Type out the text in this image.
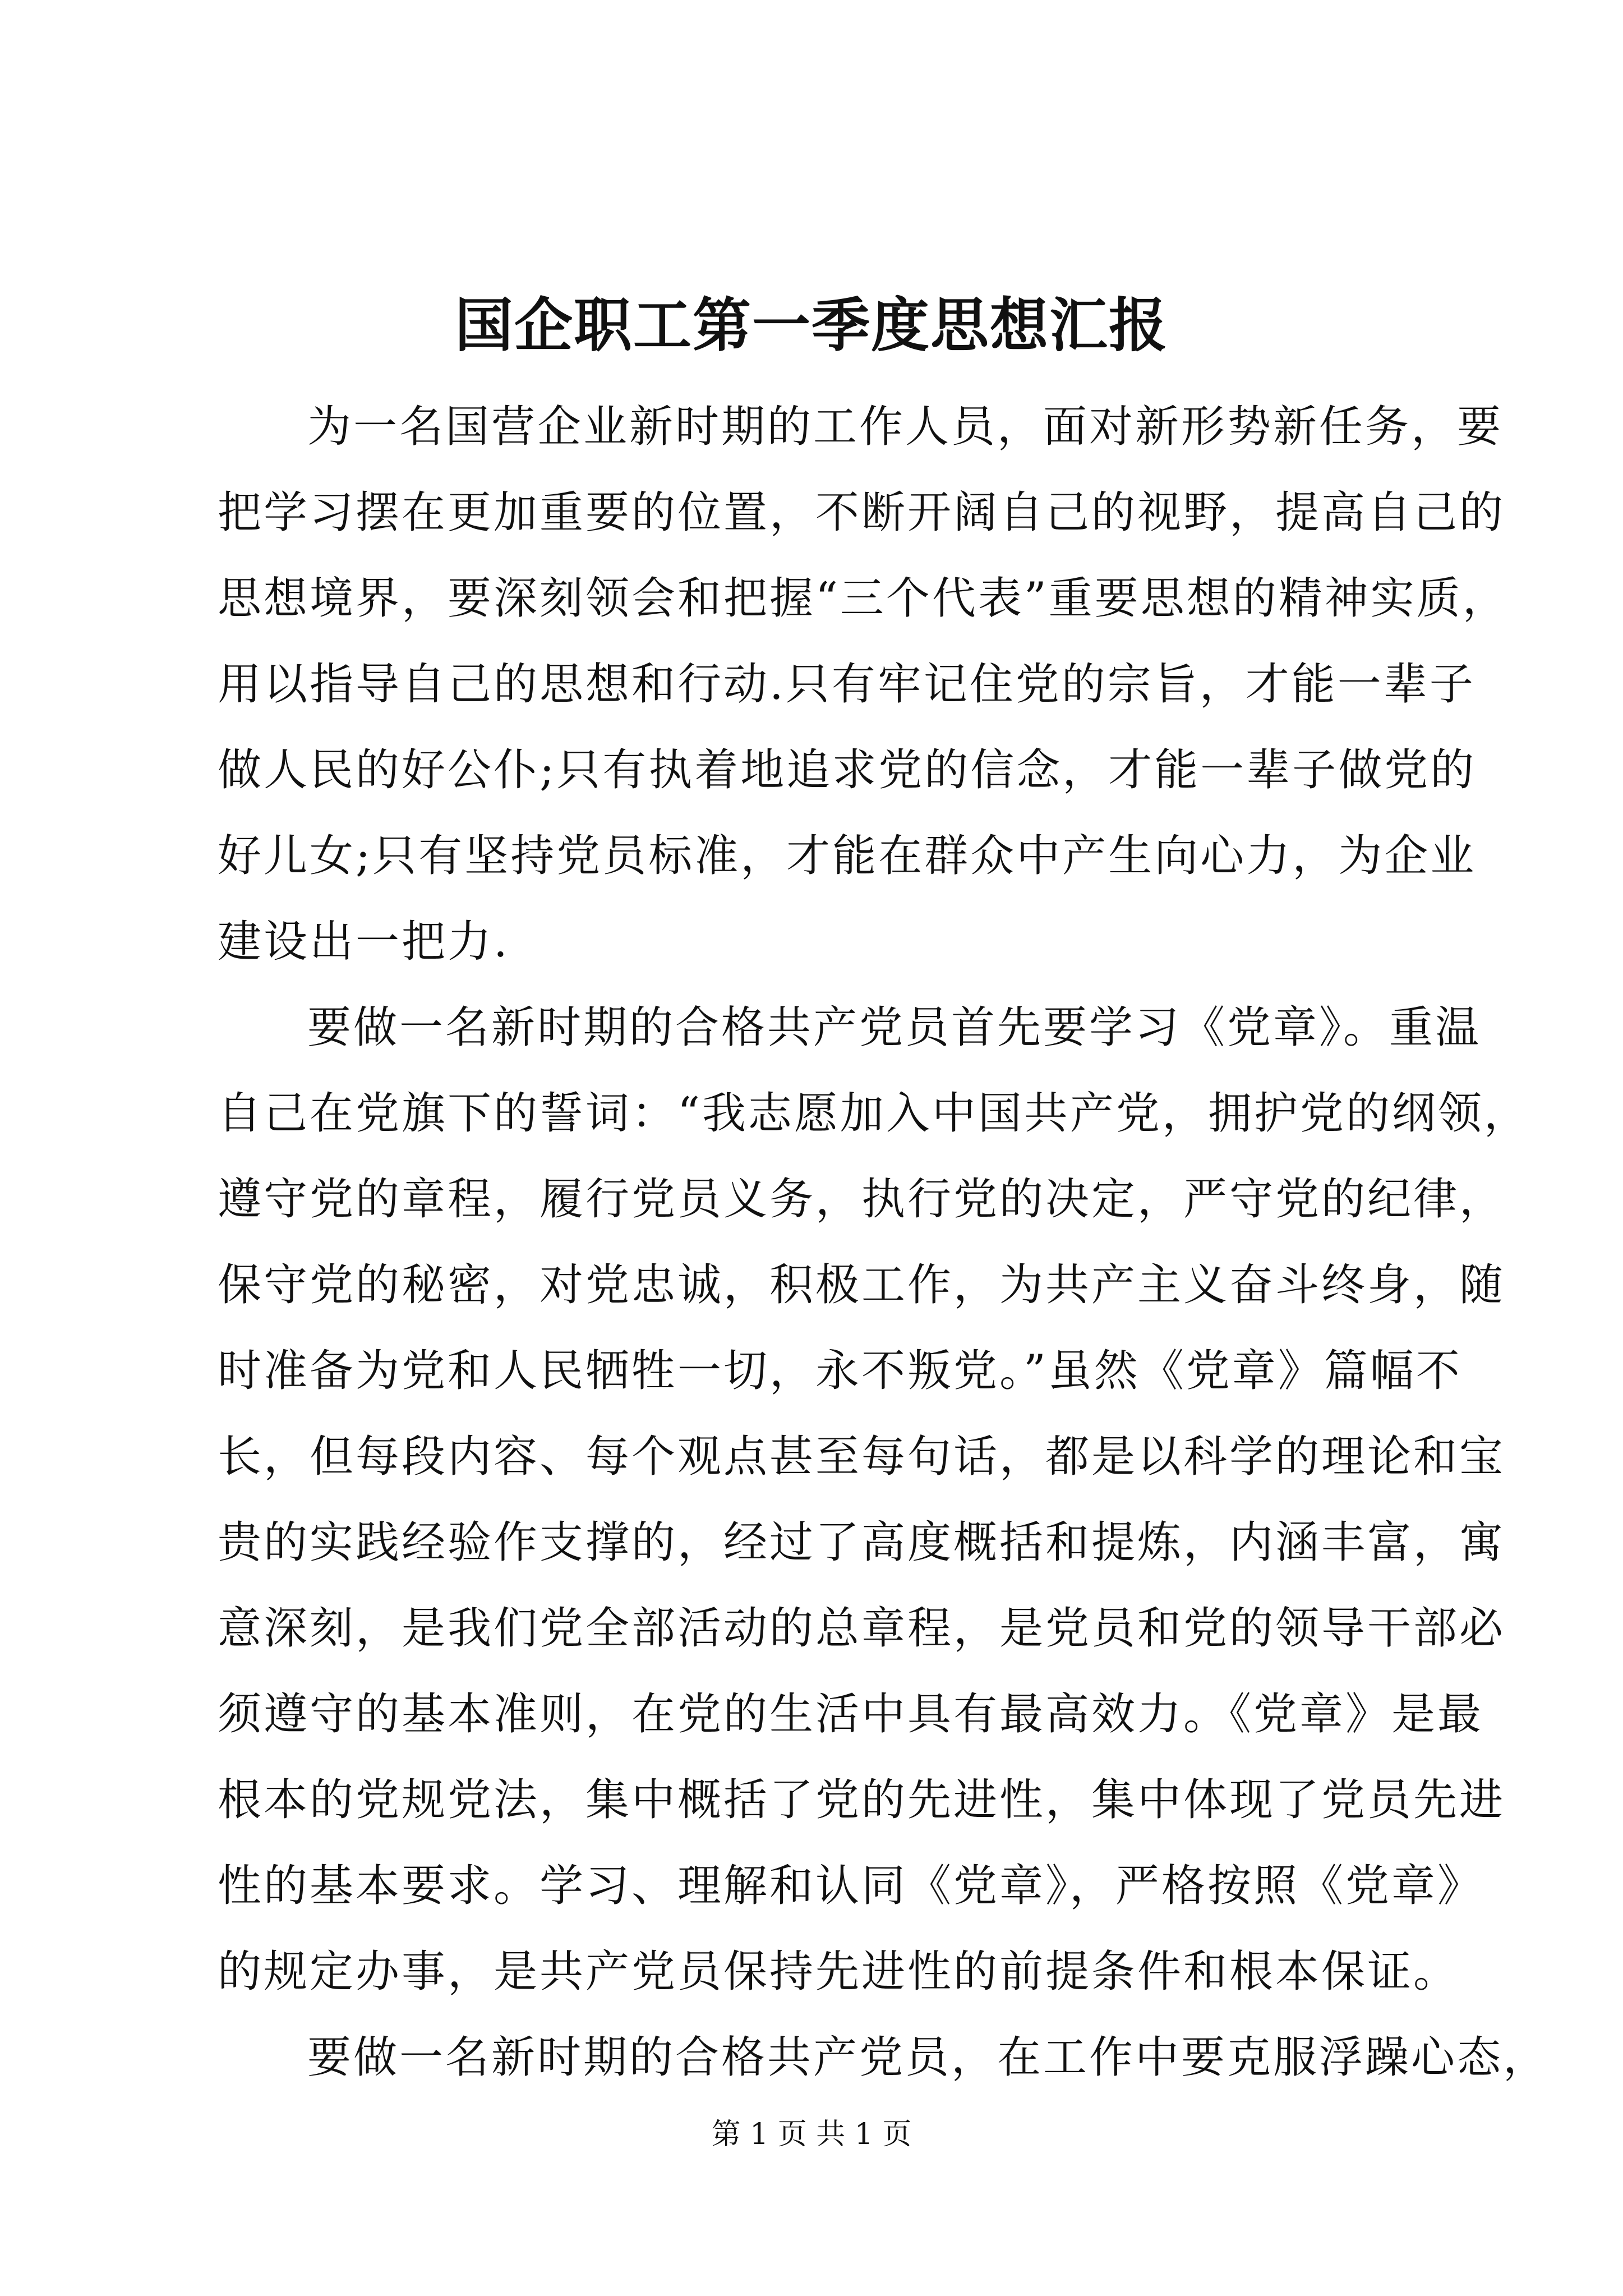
国企职工第一季度思想汇报
为一名国营企业新时期的工作人员，面对新形势新任务，要
把学习摆在更加重要的位置，不断开阔自己的视野，提高自己的
思想境界，要深刻领会和把握“三个代表”重要思想的精神实质，
用以指导自己的思想和行动.只有牢记住党的宗旨，才能一辈子
做人民的好公仆;只有执着地追求党的信念，才能一辈子做党的
好儿女;只有坚持党员标准，才能在群众中产生向心力，为企业
建设出一把力.
要做一名新时期的合格共产党员首先要学习《党章》。重温
自己在党旗下的誓词：“我志愿加入中国共产党，拥护党的纲领，
遵守党的章程，履行党员义务，执行党的决定，严守党的纪律，
保守党的秘密，对党忠诚，积极工作，为共产主义奋斗终身，随
时准备为党和人民牺牲一切，永不叛党。”虽然《党章》篇幅不
长，但每段内容、每个观点甚至每句话，都是以科学的理论和宝
贵的实践经验作支撑的，经过了高度概括和提炼，内涵丰富，寓
意深刻，是我们党全部活动的总章程，是党员和党的领导干部必
须遵守的基本准则，在党的生活中具有最高效力。《党章》是最
根本的党规党法，集中概括了党的先进性，集中体现了党员先进
性的基本要求。学习、理解和认同《党章》，严格按照《党章》
的规定办事，是共产党员保持先进性的前提条件和根本保证。
要做一名新时期的合格共产党员，在工作中要克服浮躁心态，
第 1 页 共 1 页
